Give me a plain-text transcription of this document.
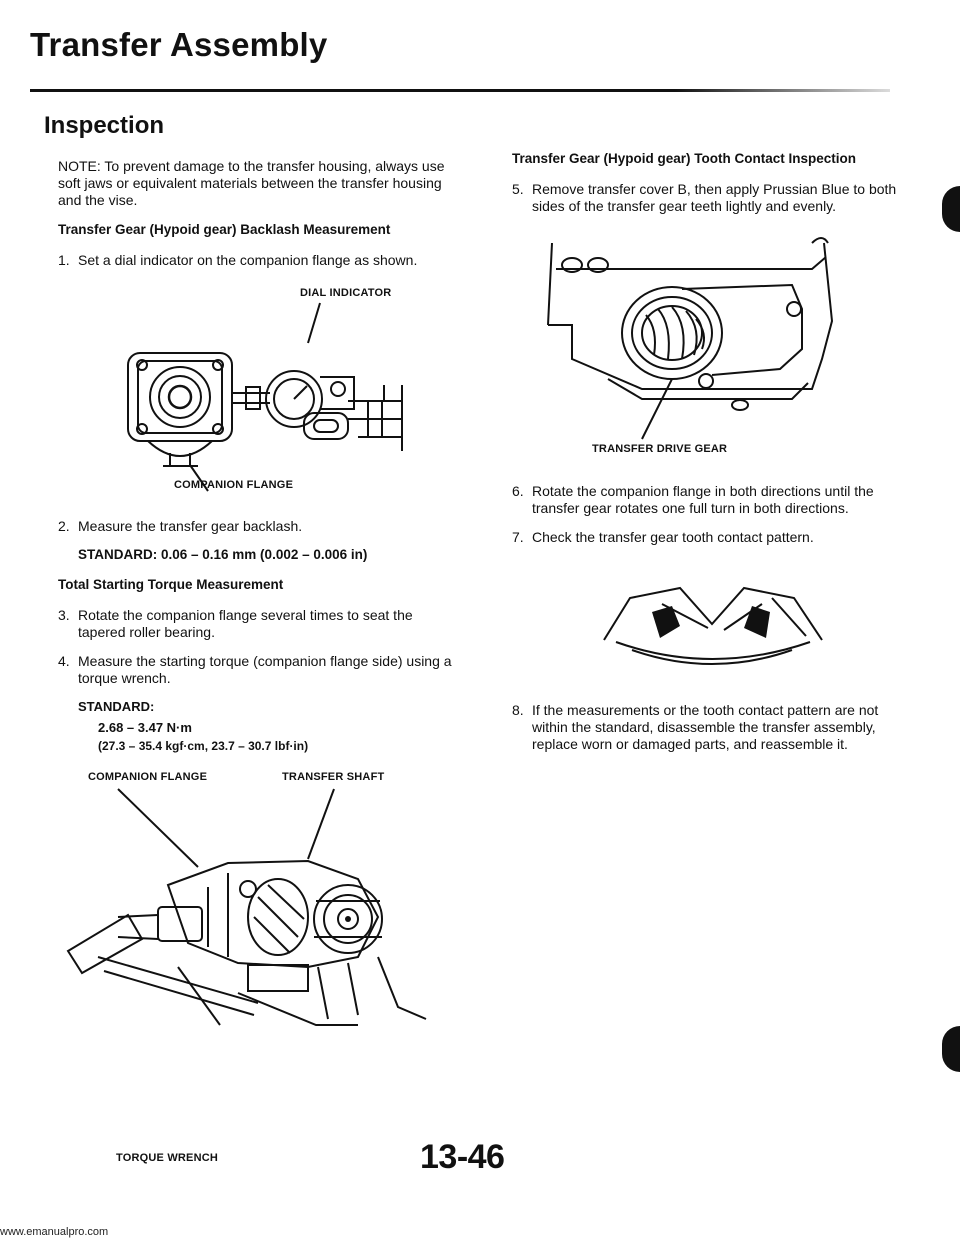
Transfer Assembly
Inspection

NOTE: To prevent damage to the transfer housing, always use soft jaws or equivalent materials between the transfer housing and the vise.

Transfer Gear (Hypoid gear) Backlash Measurement

1. Set a dial indicator on the companion flange as shown.
DIAL INDICATOR
COMPANION FLANGE
2. Measure the transfer gear backlash.
STANDARD: 0.06 – 0.16 mm (0.002 – 0.006 in)

Total Starting Torque Measurement

3. Rotate the companion flange several times to seat the tapered roller bearing.
4. Measure the starting torque (companion flange side) using a torque wrench.
STANDARD:
2.68 – 3.47 N·m
(27.3 – 35.4 kgf·cm, 23.7 – 30.7 lbf·in)
COMPANION FLANGE	TRANSFER SHAFT
TORQUE WRENCH

Transfer Gear (Hypoid gear) Tooth Contact Inspection

5. Remove transfer cover B, then apply Prussian Blue to both sides of the transfer gear teeth lightly and evenly.
TRANSFER DRIVE GEAR
6. Rotate the companion flange in both directions until the transfer gear rotates one full turn in both directions.
7. Check the transfer gear tooth contact pattern.
8. If the measurements or the tooth contact pattern are not within the standard, disassemble the transfer assembly, replace worn or damaged parts, and reassemble it.
13-46
www.emanualpro.com
